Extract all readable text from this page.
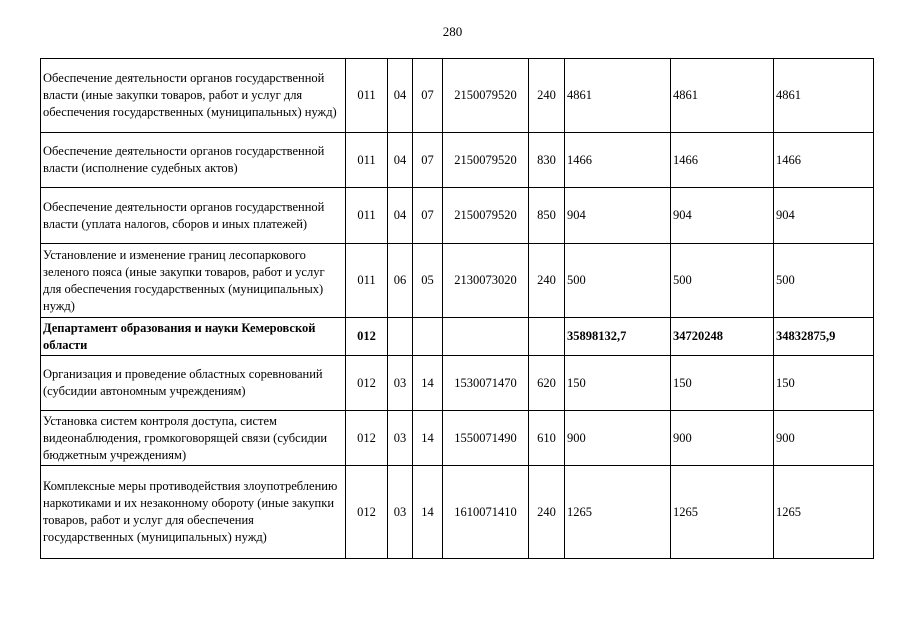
280
Обеспечение деятельности органов государственной власти (иные закупки товаров, работ и услуг для обеспечения государственных (муниципальных) нужд)	011	04	07	2150079520	240	4861	4861	4861
Обеспечение деятельности органов государственной власти (исполнение судебных актов)	011	04	07	2150079520	830	1466	1466	1466
Обеспечение деятельности органов государственной власти (уплата налогов, сборов и иных платежей)	011	04	07	2150079520	850	904	904	904
Установление и изменение границ лесопаркового зеленого пояса (иные закупки товаров, работ и услуг для обеспечения государственных (муниципальных) нужд)	011	06	05	2130073020	240	500	500	500
Департамент образования и науки Кемеровской области	012					35898132,7	34720248	34832875,9
Организация и проведение областных соревнований (субсидии автономным учреждениям)	012	03	14	1530071470	620	150	150	150
Установка систем контроля доступа, систем видеонаблюдения, громкоговорящей связи (субсидии бюджетным учреждениям)	012	03	14	1550071490	610	900	900	900
Комплексные меры противодействия злоупотреблению наркотиками и их незаконному обороту (иные закупки товаров, работ и услуг для обеспечения государственных (муниципальных) нужд)	012	03	14	1610071410	240	1265	1265	1265
